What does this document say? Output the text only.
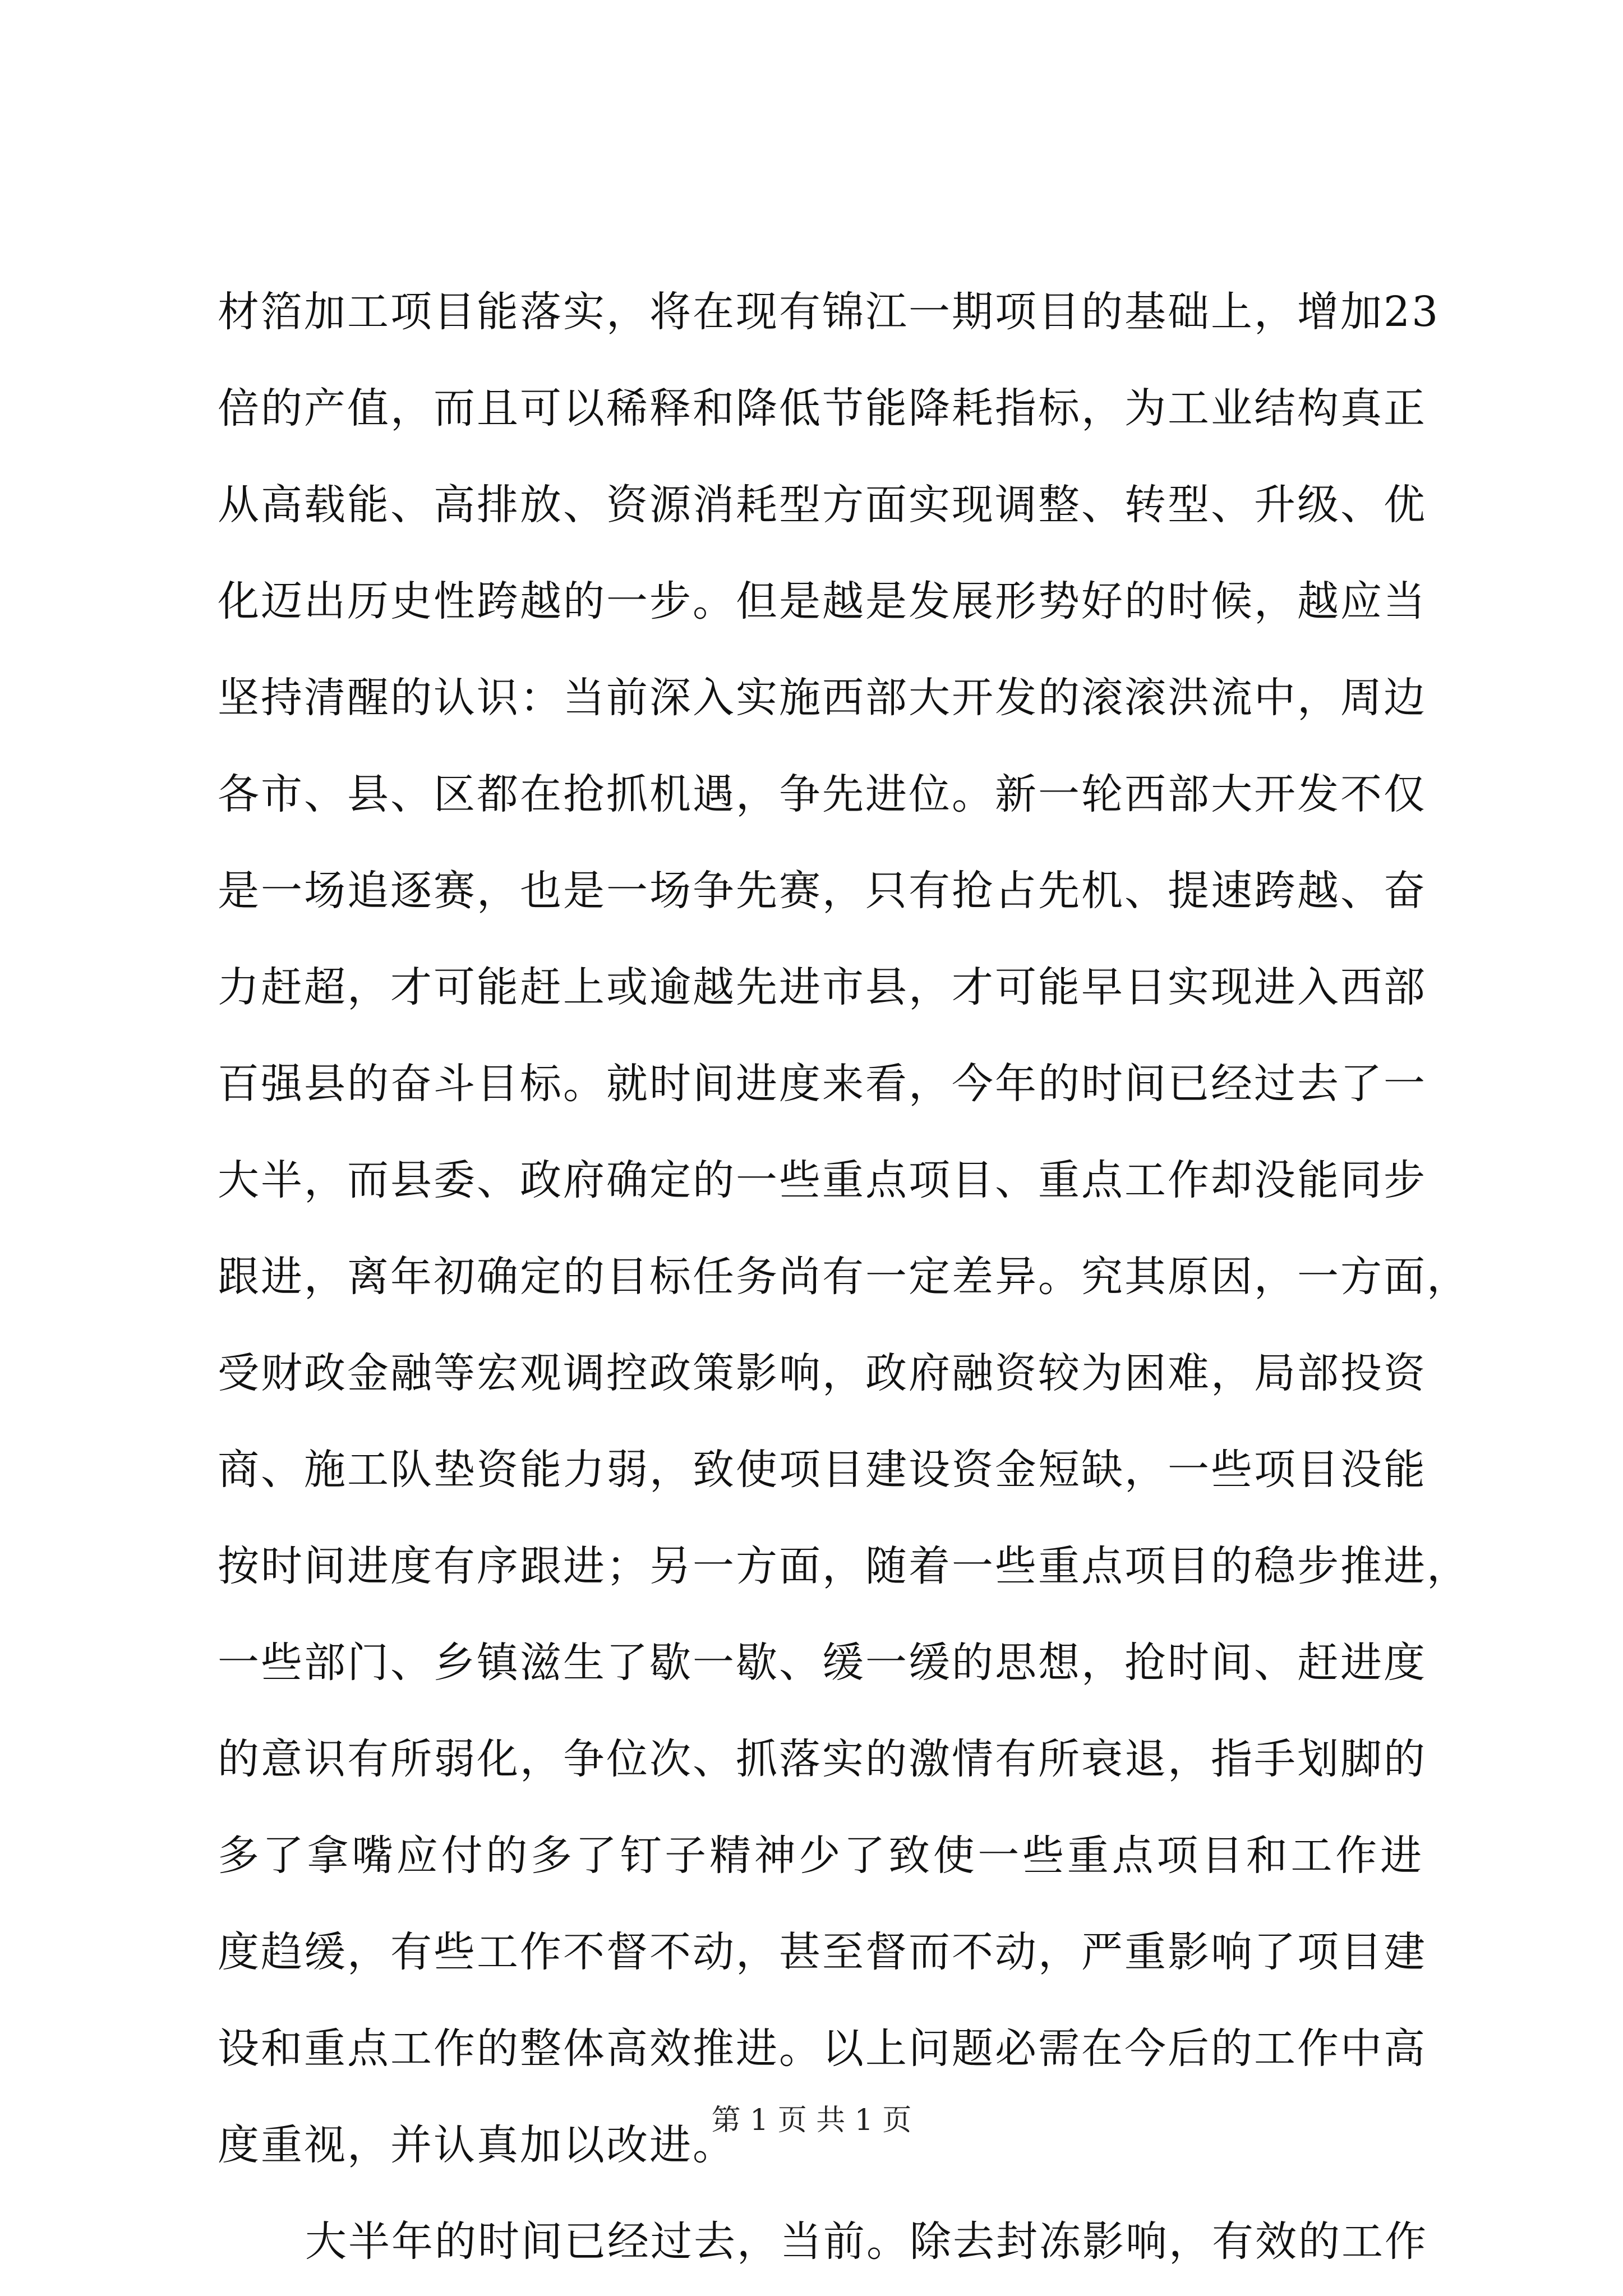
材箔加工项目能落实，将在现有锦江一期项目的基础上，增加23
倍的产值，而且可以稀释和降低节能降耗指标，为工业结构真正
从高载能、高排放、资源消耗型方面实现调整、转型、升级、优
化迈出历史性跨越的一步。但是越是发展形势好的时候，越应当
坚持清醒的认识：当前深入实施西部大开发的滚滚洪流中，周边
各市、县、区都在抢抓机遇，争先进位。新一轮西部大开发不仅
是一场追逐赛，也是一场争先赛，只有抢占先机、提速跨越、奋
力赶超，才可能赶上或逾越先进市县，才可能早日实现进入西部
百强县的奋斗目标。就时间进度来看，今年的时间已经过去了一
大半，而县委、政府确定的一些重点项目、重点工作却没能同步
跟进，离年初确定的目标任务尚有一定差异。究其原因，一方面，
受财政金融等宏观调控政策影响，政府融资较为困难，局部投资
商、施工队垫资能力弱，致使项目建设资金短缺，一些项目没能
按时间进度有序跟进；另一方面，随着一些重点项目的稳步推进，
一些部门、乡镇滋生了歇一歇、缓一缓的思想，抢时间、赶进度
的意识有所弱化，争位次、抓落实的激情有所衰退，指手划脚的
多了拿嘴应付的多了钉子精神少了致使一些重点项目和工作进
度趋缓，有些工作不督不动，甚至督而不动，严重影响了项目建
设和重点工作的整体高效推进。以上问题必需在今后的工作中高
度重视，并认真加以改进。
大半年的时间已经过去，当前。除去封冻影响，有效的工作
第 1 页 共 1 页
